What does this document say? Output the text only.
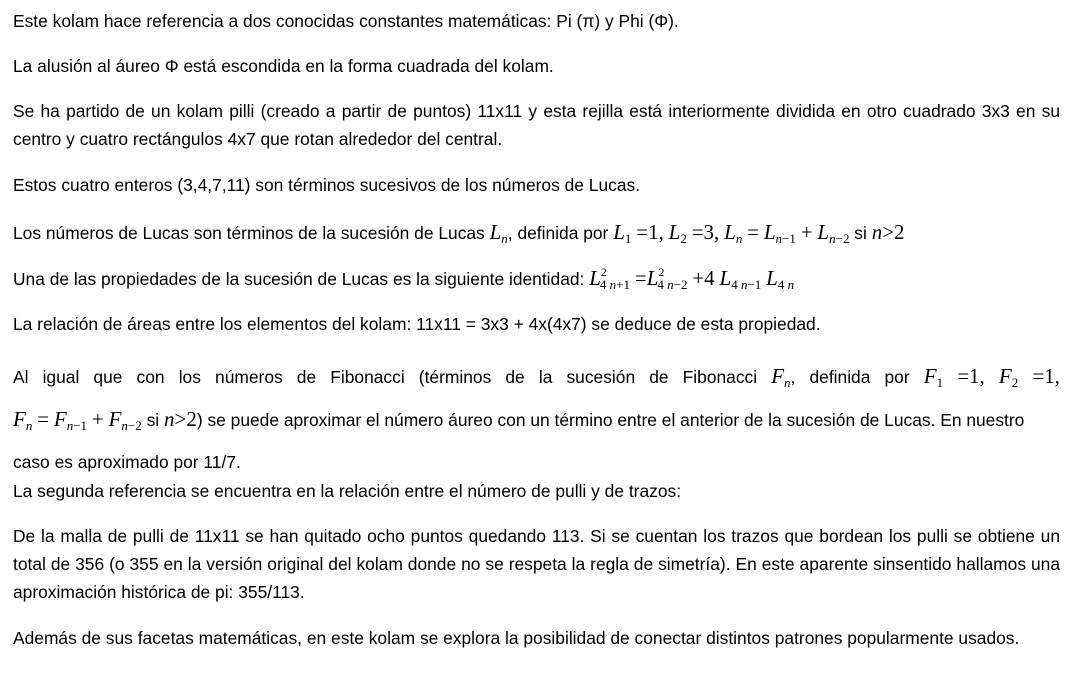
Este kolam hace referencia a dos conocidas constantes matemáticas: Pi (π) y Phi (Φ).

La alusión al áureo Φ está escondida en la forma cuadrada del kolam.

Se ha partido de un kolam pilli (creado a partir de puntos) 11x11 y esta rejilla está interiormente dividida en otro cuadrado 3x3 en su centro y cuatro rectángulos 4x7 que rotan alrededor del central.

Estos cuatro enteros (3,4,7,11) son términos sucesivos de los números de Lucas.

Los números de Lucas son términos de la sucesión de Lucas $L_n$, definida por $L_1 =1$, $L_2 =3$, $L_n = L_{n-1} + L_{n-2}$ si n>2

Una de las propiedades de la sucesión de Lucas es la siguiente identidad: $L^2_4$ $_{n+1} =L^2_4$ $_{n-2}$ +4 $L_4$ $_{n-1}$ $L_4$ $_n$

La relación de áreas entre los elementos del kolam: 11x11 = 3x3 + 4x(4x7) se deduce de esta propiedad.

Al igual que con los números de Fibonacci (términos de la sucesión de Fibonacci $F_n$, definida por $F_1 =1$, $F_2 =1$,
$F_n = F_{n-1} + F_{n-2}$ si n>2) se puede aproximar el número áureo con un término entre el anterior de la sucesión de Lucas. En nuestro caso es aproximado por 11/7.

La segunda referencia se encuentra en la relación entre el número de pulli y de trazos:

De la malla de pulli de 11x11 se han quitado ocho puntos quedando 113. Si se cuentan los trazos que bordean los pulli se obtiene un total de 356 (o 355 en la versión original del kolam donde no se respeta la regla de simetría). En este aparente sinsentido hallamos una aproximación histórica de pi: 355/113.

Además de sus facetas matemáticas, en este kolam se explora la posibilidad de conectar distintos patrones popularmente usados.
